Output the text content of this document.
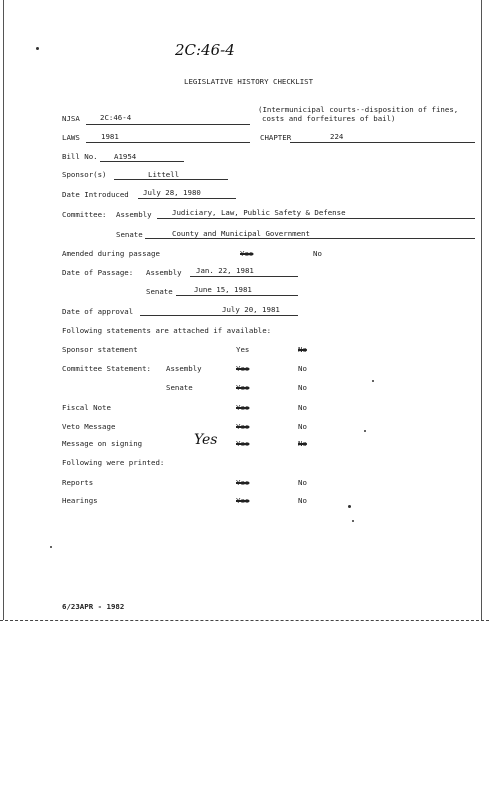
2C:46-4
LEGISLATIVE HISTORY CHECKLIST
(Intermunicipal courts--disposition of fines,
costs and forfeitures of bail)
NJSA	2C:46-4
LAWS	1981	CHAPTER	224
Bill No. A1954
Sponsor(s)	Littell
Date Introduced July 28, 1980
Committee: Assembly	Judiciary, Law, Public Safety & Defense
Senate	County and Municipal Government
Amended during passage	Yes	No
Date of Passage: Assembly Jan. 22, 1981
Senate	June 15, 1981
Date of approval	July 20, 1981
Following statements are attached if available:
Sponsor statement	Yes	No
Committee Statement: Assembly	Yes	No
Senate	Yes	No
Fiscal Note	Yes	No
Veto Message	Yes	No
Message on signing	Yes	Yes	No
Following were printed:
Reports	Yes	No
Hearings	Yes	No
6/23APR - 1982
